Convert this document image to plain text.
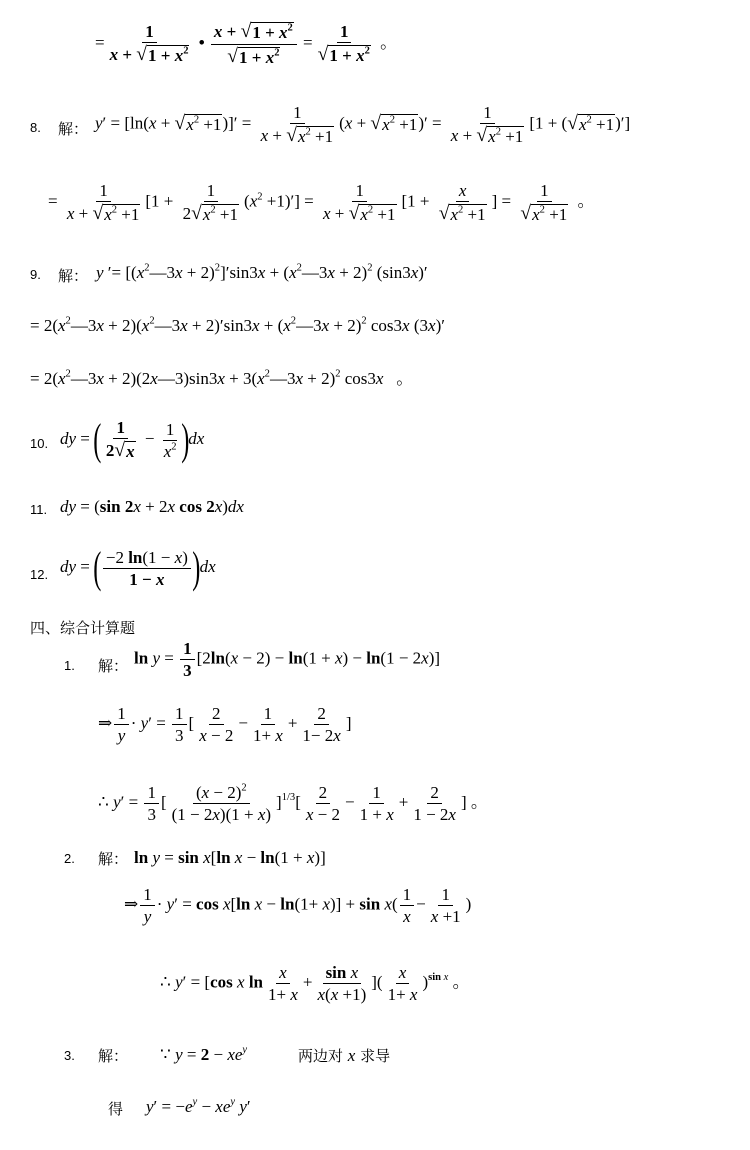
= $\frac{1}{x + √ 1 + x^2}$ • $\frac{x + √ 1 + x^2}{√ 1 + x^2} = \frac{1}{√ 1 + x^2}$ 。
8. 解： y′ = [ln(x + √ $x^2 +1$ )]′ = $\frac{1}{x + √ x^2 +1} (x$ + √ $x^2 +1$ )′ = $\frac{1}{x + √ x^2 +1} [1$ + ( √ $x^2 +1$ )′]
= $\frac{1}{x + √ x^2 +1} [1 + \frac{1}{2 √ x^2 +1} (x^2 +1)'] = \frac{1}{x + √ x^2 +1} [1 + \frac{x}{√ x^2 +1}$ ] = $\frac{1}{√ x^2 +1}$ 。
9. 解： y ′= $[(x^2—3x + 2)^2]'\sin 3x$ + $(x^2—3x + 2)^2$ (sin3x)′
= $2(x^2—3x$ + $2)(x^2—3x + 2)'\sin 3x$ + $(x^2—3x + 2)^2$ cos3x (3x)′
= $2(x^2—3x$ + 2)(2x—3)sin3x + $3(x^2—3x + 2)^2$ cos3x 。
10. dy = ( $\frac{1}{2 √ x} - \frac{1}{x^2} )dx$
11. dy = (sin 2x + 2x cos 2x)dx
12. dy = ( $\frac{-2 \ln(1 - x)}{1 - x} )dx$
四、综合计算题
1. 解： $\ln y = \frac{1}{3} [2\ln(x - 2) - \ln(1 + x) - \ln(1 - 2x)]$
⇒ $\frac{1}{y} \cdot y' = \frac{1}{3}$ [ $\frac{2}{x - 2} - \frac{1}{1+ x} + \frac{2}{1- 2x}$ ]
∴ $y' = \frac{1}{3}$ [ $\frac{(x - 2)^2}{(1 - 2x)(1 + x)} ]^{1/3}[ \frac{2}{x - 2} - \frac{1}{1 + x} + \frac{2}{1 - 2x}$ ] 。
2. 解： ln y = sin x[ln x − ln(1 + x)]
⇒ $\frac{1}{y} \cdot y' = \cos x[\ln$ $x - \ln(1+ x)] + \sin x( \frac{1}{x} - \frac{1}{x +1}$ )
∴ y′ = [cos x $\ln \frac{x}{1+ x} + \frac{\text{sin x}}{x(x +1)}$ ]( $\frac{x}{1+ x} )^{sin x}$ 。
3. 解： ∵ $y = 2 - xe^y$	两边对 x 求导
得 $y' = -e^y - xe^y$ y′
